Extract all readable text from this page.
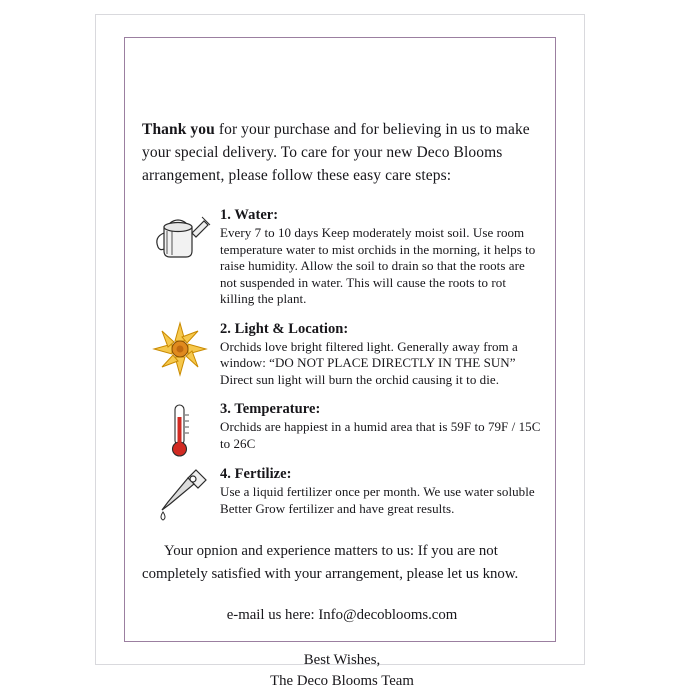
Thank you for your purchase and for believing in us to make your special delivery. To care for your new Deco Blooms arrangement, please follow these easy care steps:

1. Water:

Every 7 to 10 days Keep moderately moist soil. Use room temperature water to mist orchids in the morning, it helps to raise humidity. Allow the soil to drain so that the roots are not suspended in water. This will cause the roots to rot killing the plant.

2. Light & Location:

Orchids love bright filtered light. Generally away from a window: “DO NOT PLACE DIRECTLY IN THE SUN” Direct sun light will burn the orchid causing it to die.

3. Temperature:

Orchids are happiest in a humid area that is 59F to 79F / 15C to 26C

4. Fertilize:

Use a liquid fertilizer once per month. We use water soluble Better Grow fertilizer and have great results.

Your opnion and experience matters to us: If you are not completely satisfied with your arrangement, please let us know.

e-mail us here: Info@decoblooms.com

Best Wishes,
The Deco Blooms Team
